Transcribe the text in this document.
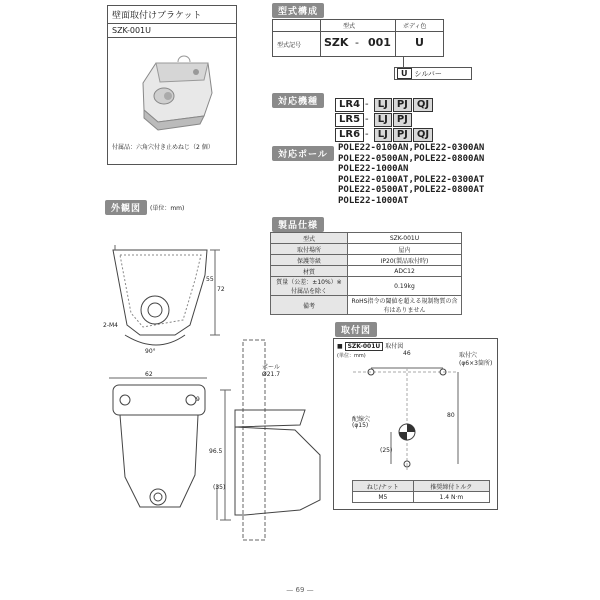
壁面取付けブラケット
SZK-001U
付属品：六角穴付き止めねじ（2 個）
型式構成
型式	ボディ色
型式記号 SZK - 001 U
U	シルバー
対応機種	LR4 - LJ PJ QJ
LR5 - LJ PJ
LR6 - LJ PJ QJ
対応ポール
POLE22-0100AN,POLE22-0300AN
POLE22-0500AN,POLE22-0800AN
POLE22-1000AN
POLE22-0100AT,POLE22-0300AT
POLE22-0500AT,POLE22-0800AT
POLE22-1000AT
外観図	(単位：mm)
55
72
2-M4
90°
62
9
96.5
(35)
ポール
Ø21.7
製品仕様
型式	SZK-001U
取付場所	屋内
保護等級	IP20(製品取付時)
材質	ADC12
質量（公差：±10%）※付属品を除く	0.19kg
備考	RoHS指令の閾値を超える規制物質の含有はありません
取付図
■ SZK-001U 取付図
(単位：mm)	46
80
(25)
取付穴
(φ6×3箇所)
配線穴
(φ15)
ねじ/ナット	推奨締付トルク
M5	1.4 N·m
— 69 —
